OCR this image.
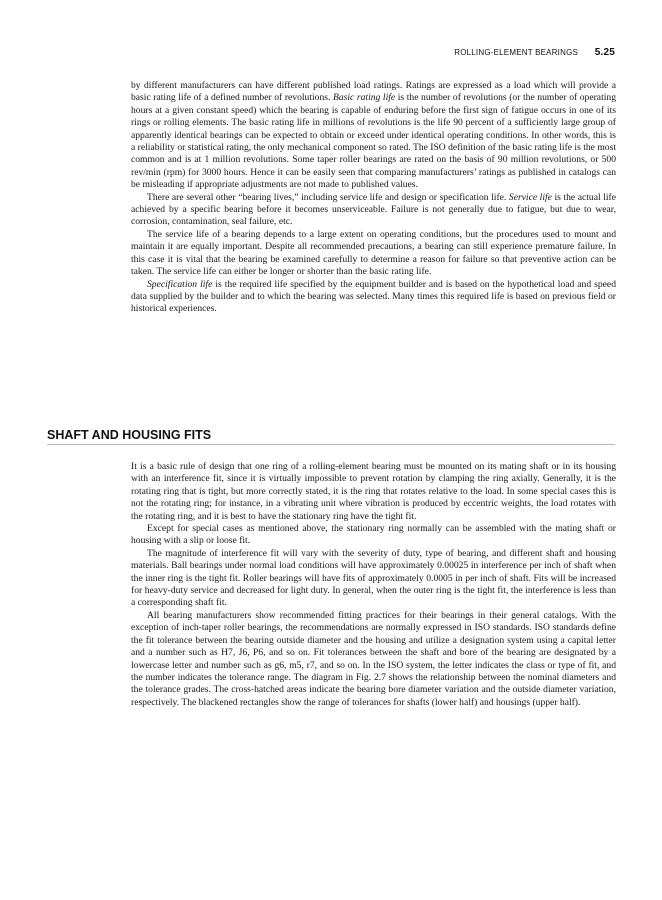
ROLLING-ELEMENT BEARINGS 5.25

by different manufacturers can have different published load ratings. Ratings are expressed as a load which will provide a basic rating life of a defined number of revolutions. Basic rating life is the number of revolutions (or the number of operating hours at a given constant speed) which the bearing is capable of enduring before the first sign of fatigue occurs in one of its rings or rolling elements. The basic rating life in millions of revolutions is the life 90 percent of a sufficiently large group of apparently identical bearings can be expected to obtain or exceed under identical operating conditions. In other words, this is a reliability or statistical rating, the only mechanical component so rated. The ISO definition of the basic rating life is the most common and is at 1 million revolutions. Some taper roller bearings are rated on the basis of 90 million revolutions, or 500 rev/min (rpm) for 3000 hours. Hence it can be easily seen that comparing manufacturers’ ratings as published in catalogs can be misleading if appropriate adjustments are not made to published values.

There are several other “bearing lives,” including service life and design or specification life. Service life is the actual life achieved by a specific bearing before it becomes unserviceable. Failure is not generally due to fatigue, but due to wear, corrosion, contamination, seal failure, etc.

The service life of a bearing depends to a large extent on operating conditions, but the procedures used to mount and maintain it are equally important. Despite all recommended precautions, a bearing can still experience premature failure. In this case it is vital that the bearing be examined carefully to determine a reason for failure so that preventive action can be taken. The service life can either be longer or shorter than the basic rating life.

Specification life is the required life specified by the equipment builder and is based on the hypothetical load and speed data supplied by the builder and to which the bearing was selected. Many times this required life is based on previous field or historical experiences.

SHAFT AND HOUSING FITS

It is a basic rule of design that one ring of a rolling-element bearing must be mounted on its mating shaft or in its housing with an interference fit, since it is virtually impossible to prevent rotation by clamping the ring axially. Generally, it is the rotating ring that is tight, but more correctly stated, it is the ring that rotates relative to the load. In some special cases this is not the rotating ring; for instance, in a vibrating unit where vibration is produced by eccentric weights, the load rotates with the rotating ring, and it is best to have the stationary ring have the tight fit.

Except for special cases as mentioned above, the stationary ring normally can be assembled with the mating shaft or housing with a slip or loose fit.

The magnitude of interference fit will vary with the severity of duty, type of bearing, and different shaft and housing materials. Ball bearings under normal load conditions will have approximately 0.00025 in interference per inch of shaft when the inner ring is the tight fit. Roller bearings will have fits of approximately 0.0005 in per inch of shaft. Fits will be increased for heavy-duty service and decreased for light duty. In general, when the outer ring is the tight fit, the interference is less than a corresponding shaft fit.

All bearing manufacturers show recommended fitting practices for their bearings in their general catalogs. With the exception of inch-taper roller bearings, the recommendations are normally expressed in ISO standards. ISO standards define the fit tolerance between the bearing outside diameter and the housing and utilize a designation system using a capital letter and a number such as H7, J6, P6, and so on. Fit tolerances between the shaft and bore of the bearing are designated by a lowercase letter and number such as g6, m5, r7, and so on. In the ISO system, the letter indicates the class or type of fit, and the number indicates the tolerance range. The diagram in Fig. 2.7 shows the relationship between the nominal diameters and the tolerance grades. The cross-hatched areas indicate the bearing bore diameter variation and the outside diameter variation, respectively. The blackened rectangles show the range of tolerances for shafts (lower half) and housings (upper half).
